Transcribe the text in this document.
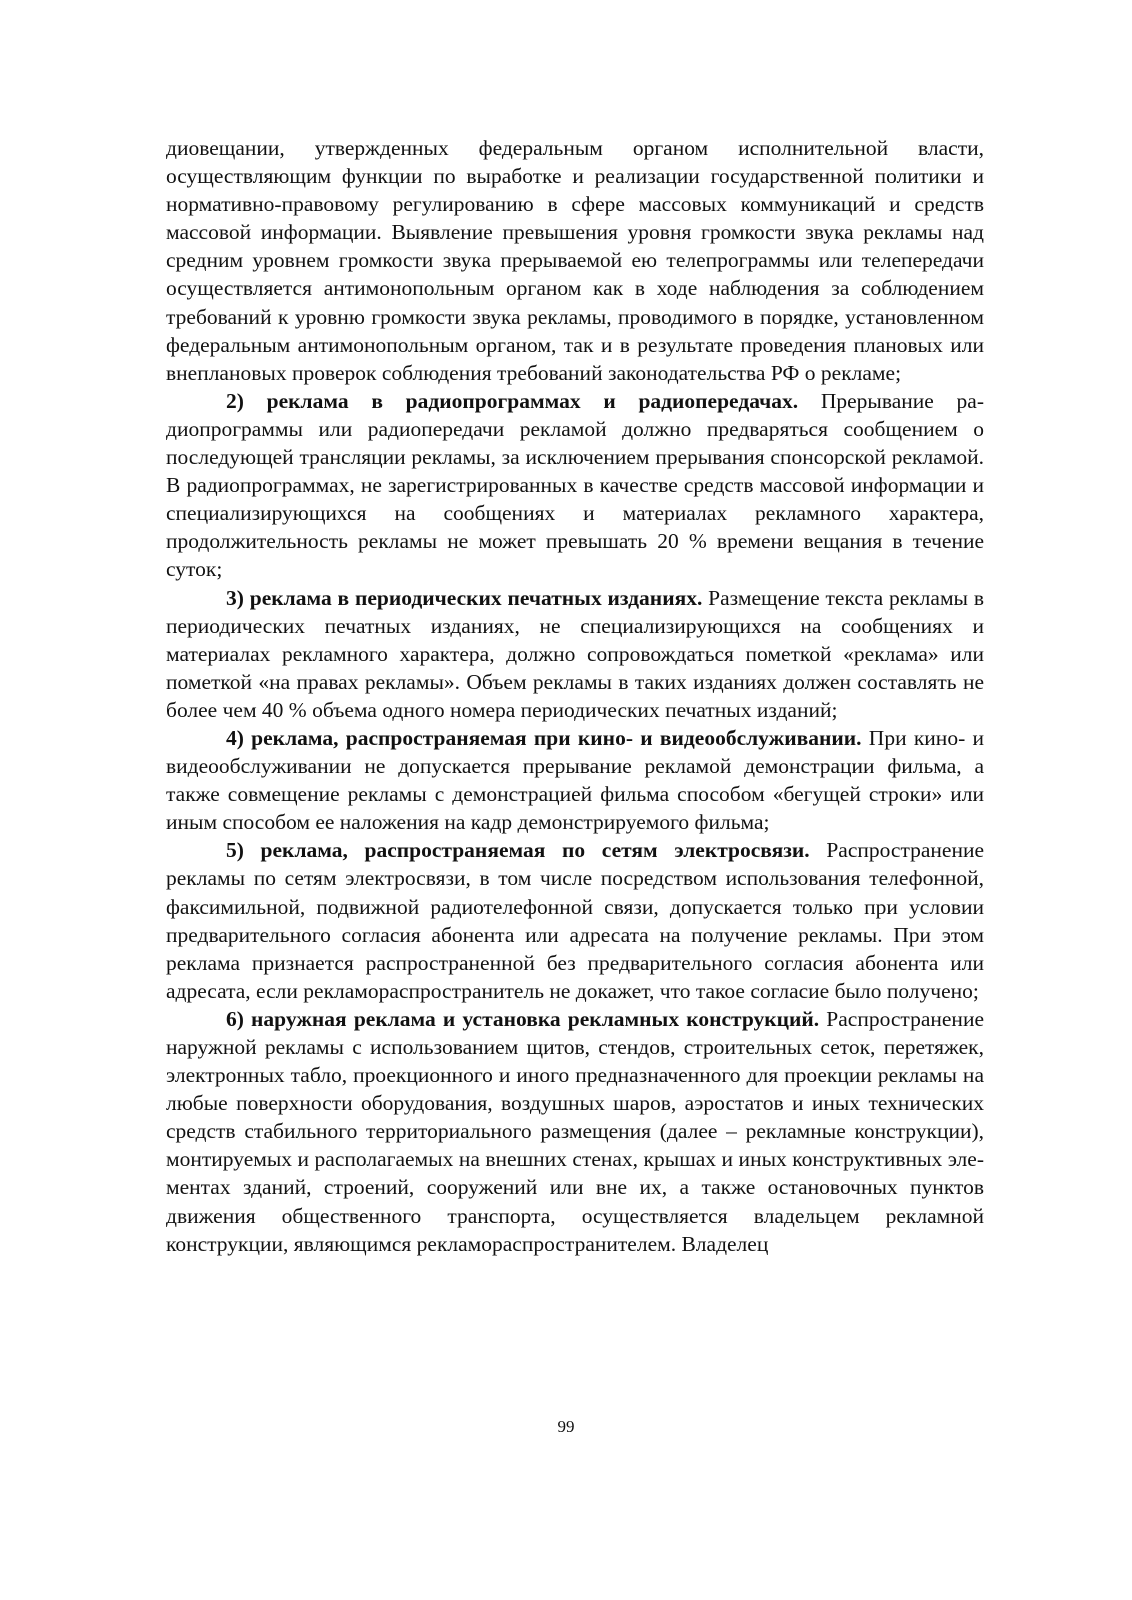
диовещании, утвержденных федеральным органом исполнительной власти, осуществляющим функции по выработке и реализации государственной политики и нормативно-правовому регулированию в сфере массовых коммуникаций и средств массовой информации. Выявление превышения уровня громкости звука рекламы над средним уровнем громкости звука прерываемой ею телепрограммы или телепередачи осуществляется антимонопольным органом как в ходе наблюдения за соблюдением требований к уровню громкости звука рекламы, проводимого в порядке, установленном федеральным антимонопольным органом, так и в результате проведения плановых или внеплановых проверок соблюдения требований законодательства РФ о рекламе;

2) реклама в радиопрограммах и радиопередачах. Прерывание радиопрограммы или радиопередачи рекламой должно предваряться сообщением о последующей трансляции рекламы, за исключением прерывания спонсорской рекламой. В радиопрограммах, не зарегистрированных в качестве средств массовой информации и специализирующихся на сообщениях и материалах рекламного характера, продолжительность рекламы не может превышать 20 % времени вещания в течение суток;

3) реклама в периодических печатных изданиях. Размещение текста рекламы в периодических печатных изданиях, не специализирующихся на сообщениях и материалах рекламного характера, должно сопровождаться пометкой «реклама» или пометкой «на правах рекламы». Объем рекламы в таких изданиях должен составлять не более чем 40 % объема одного номера периодических печатных изданий;

4) реклама, распространяемая при кино- и видеообслуживании. При кино- и видеообслуживании не допускается прерывание рекламой демонстрации фильма, а также совмещение рекламы с демонстрацией фильма способом «бегущей строки» или иным способом ее наложения на кадр демонстрируемого фильма;

5) реклама, распространяемая по сетям электросвязи. Распространение рекламы по сетям электросвязи, в том числе посредством использования телефонной, факсимильной, подвижной радиотелефонной связи, допускается только при условии предварительного согласия абонента или адресата на получение рекламы. При этом реклама признается распространенной без предварительного согласия абонента или адресата, если рекламораспространитель не докажет, что такое согласие было получено;

6) наружная реклама и установка рекламных конструкций. Распространение наружной рекламы с использованием щитов, стендов, строительных сеток, перетяжек, электронных табло, проекционного и иного предназначенного для проекции рекламы на любые поверхности оборудования, воздушных шаров, аэростатов и иных технических средств стабильного территориального размещения (далее – рекламные конструкции), монтируемых и располагаемых на внешних стенах, крышах и иных конструктивных элементах зданий, строений, сооружений или вне их, а также остановочных пунктов движения общественного транспорта, осуществляется владельцем рекламной конструкции, являющимся рекламораспространителем. Владелец

99
